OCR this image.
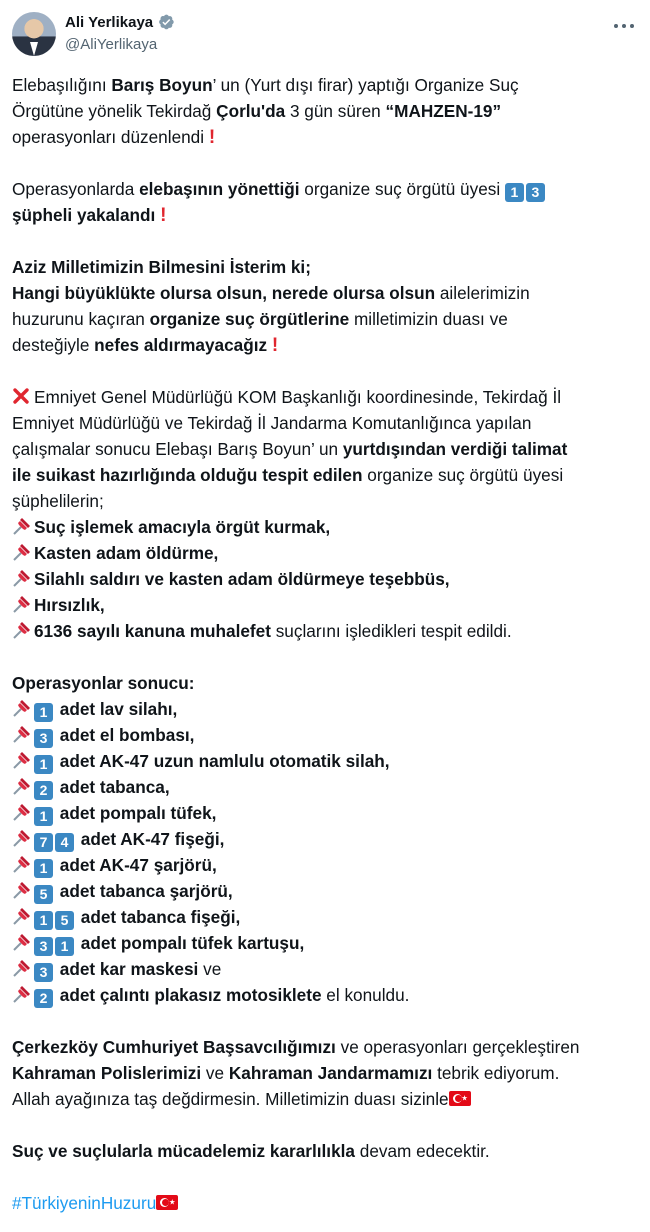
Ali Yerlikaya
@AliYerlikaya
Elebaşılığını Barış Boyun’ un (Yurt dışı firar) yaptığı Organize Suç
Örgütüne yönelik Tekirdağ Çorlu'da 3 gün süren “MAHZEN-19”
operasyonları düzenlendi !
Operasyonlarda elebaşının yönettiği organize suç örgütü üyesi 1 3
şüpheli yakalandı !
Aziz Milletimizin Bilmesini İsterim ki;
Hangi büyüklükte olursa olsun, nerede olursa olsun ailelerimizin
huzurunu kaçıran organize suç örgütlerine milletimizin duası ve
desteğiyle nefes aldırmayacağız !
Emniyet Genel Müdürlüğü KOM Başkanlığı koordinesinde, Tekirdağ İl
Emniyet Müdürlüğü ve Tekirdağ İl Jandarma Komutanlığınca yapılan
çalışmalar sonucu Elebaşı Barış Boyun’ un yurtdışından verdiği talimat
ile suikast hazırlığında olduğu tespit edilen organize suç örgütü üyesi
şüphelilerin;
Suç işlemek amacıyla örgüt kurmak,
Kasten adam öldürme,
Silahlı saldırı ve kasten adam öldürmeye teşebbüs,
Hırsızlık,
6136 sayılı kanuna muhalefet suçlarını işledikleri tespit edildi.
Operasyonlar sonucu:
1 adet lav silahı,
3 adet el bombası,
1 adet AK-47 uzun namlulu otomatik silah,
2 adet tabanca,
1 adet pompalı tüfek,
7 4 adet AK-47 fişeği,
1 adet AK-47 şarjörü,
5 adet tabanca şarjörü,
1 5 adet tabanca fişeği,
3 1 adet pompalı tüfek kartuşu,
3 adet kar maskesi ve
2 adet çalıntı plakasız motosiklete el konuldu.
Çerkezköy Cumhuriyet Başsavcılığımızı ve operasyonları gerçekleştiren
Kahraman Polislerimizi ve Kahraman Jandarmamızı tebrik ediyorum.
Allah ayağınıza taş değdirmesin. Milletimizin duası sizinle
Suç ve suçlularla mücadelemiz kararlılıkla devam edecektir.
#TürkiyeninHuzuru
